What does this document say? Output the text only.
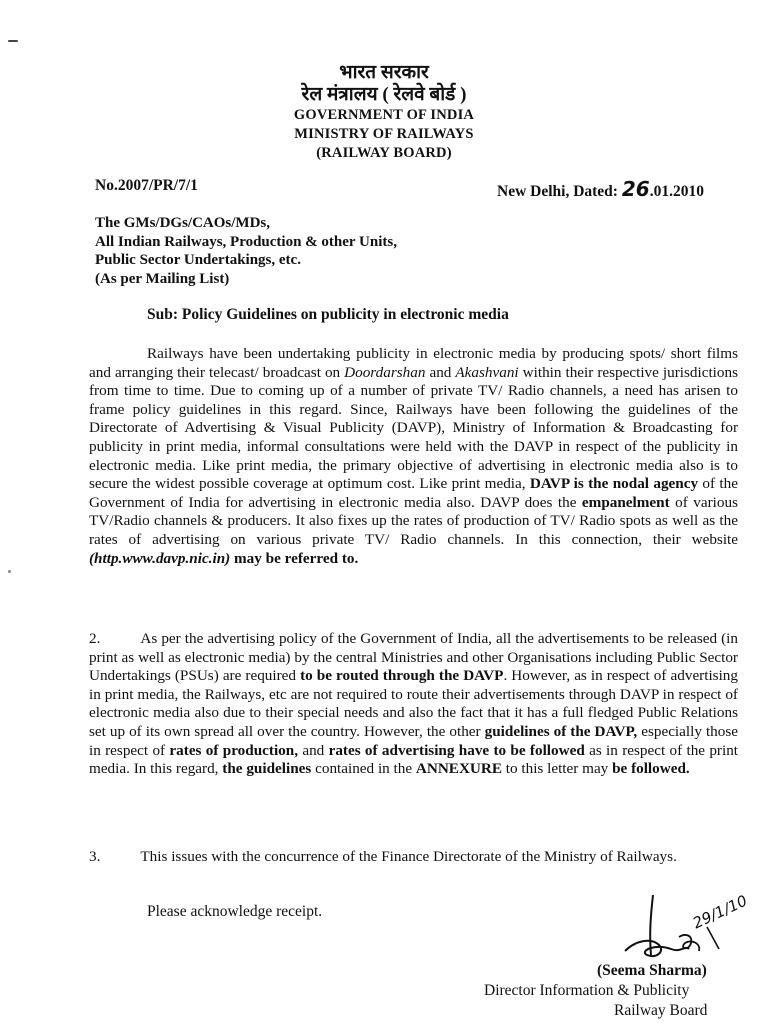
भारत सरकार
रेल मंत्रालय ( रेलवे बोर्ड )
GOVERNMENT OF INDIA
MINISTRY OF RAILWAYS
(RAILWAY BOARD)
No.2007/PR/7/1	New Delhi, Dated: 26.01.2010
The GMs/DGs/CAOs/MDs,
All Indian Railways, Production & other Units,
Public Sector Undertakings, etc.
(As per Mailing List)
Sub: Policy Guidelines on publicity in electronic media
Railways have been undertaking publicity in electronic media by producing spots/ short films and arranging their telecast/ broadcast on Doordarshan and Akashvani within their respective jurisdictions from time to time. Due to coming up of a number of private TV/ Radio channels, a need has arisen to frame policy guidelines in this regard. Since, Railways have been following the guidelines of the Directorate of Advertising & Visual Publicity (DAVP), Ministry of Information & Broadcasting for publicity in print media, informal consultations were held with the DAVP in respect of the publicity in electronic media. Like print media, the primary objective of advertising in electronic media also is to secure the widest possible coverage at optimum cost. Like print media, DAVP is the nodal agency of the Government of India for advertising in electronic media also. DAVP does the empanelment of various TV/Radio channels & producers. It also fixes up the rates of production of TV/ Radio spots as well as the rates of advertising on various private TV/ Radio channels. In this connection, their website (http.www.davp.nic.in) may be referred to.
2.	As per the advertising policy of the Government of India, all the advertisements to be released (in print as well as electronic media) by the central Ministries and other Organisations including Public Sector Undertakings (PSUs) are required to be routed through the DAVP. However, as in respect of advertising in print media, the Railways, etc are not required to route their advertisements through DAVP in respect of electronic media also due to their special needs and also the fact that it has a full fledged Public Relations set up of its own spread all over the country. However, the other guidelines of the DAVP, especially those in respect of rates of production, and rates of advertising have to be followed as in respect of the print media. In this regard, the guidelines contained in the ANNEXURE to this letter may be followed.
3.	This issues with the concurrence of the Finance Directorate of the Ministry of Railways.
Please acknowledge receipt.	29/1/10
(Seema Sharma)
Director Information & Publicity
Railway Board
